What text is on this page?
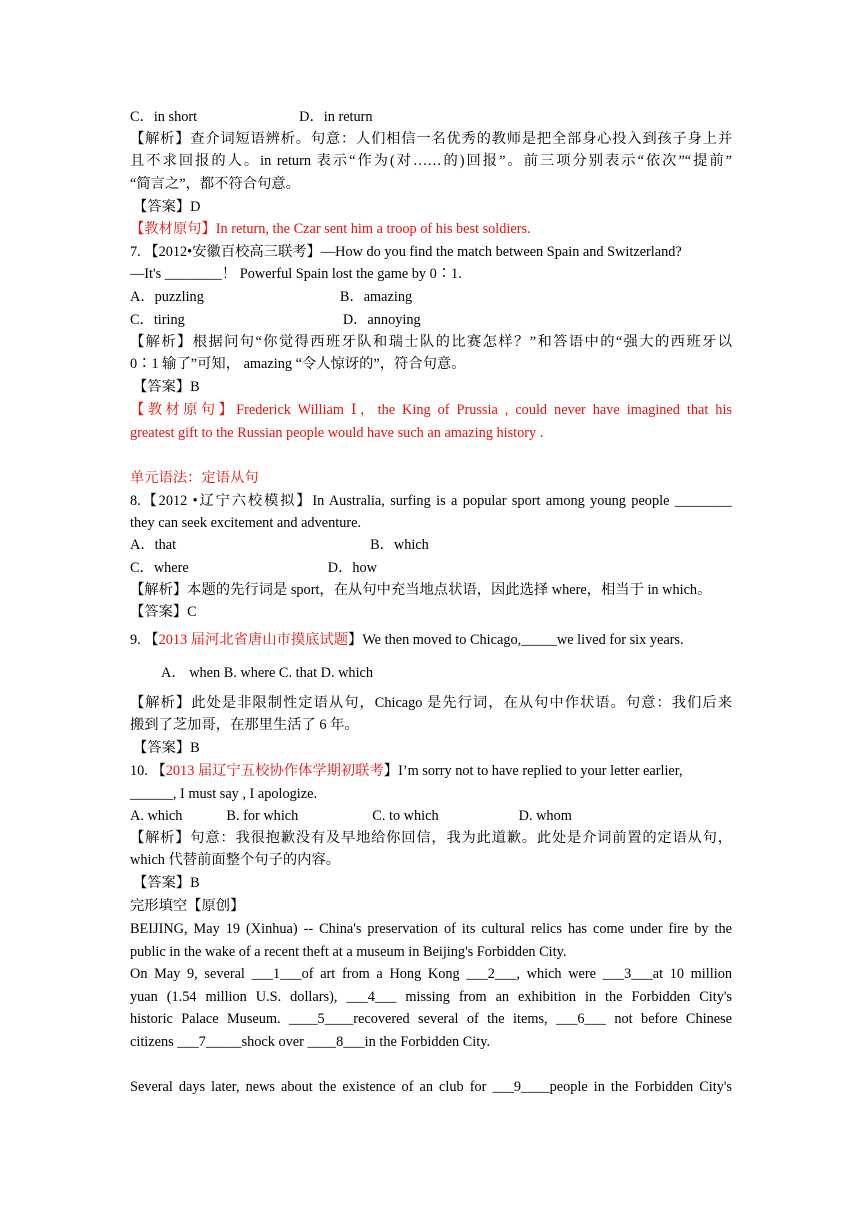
C．in short	D．in return
【解析】查介词短语辨析。句意：人们相信一名优秀的教师是把全部身心投入到孩子身上并
且不求回报的人。in return 表示“作为(对……的)回报”。前三项分别表示“依次”“提前”
“简言之”，都不符合句意。
【答案】D
【教材原句】In return, the Czar sent him a troop of his best soldiers.
7. 【2012•安徽百校高三联考】—How do you find the match between Spain and Switzerland?
—It's ________！ Powerful Spain lost the game by 0∶1.
A．puzzling	B．amazing
C．tiring	D．annoying
【解析】根据问句“你觉得西班牙队和瑞士队的比赛怎样？”和答语中的“强大的西班牙以
0∶1 输了”可知， amazing “令人惊讶的”，符合句意。
【答案】B
【教材原句】Frederick William Ⅰ，the King of Prussia , could never have imagined that his
greatest gift to the Russian people would have such an amazing history .
单元语法：定语从句
8.【2012 •辽宁六校模拟】In Australia, surfing is a popular sport among young people ________
they can seek excitement and adventure.
A．that	B．which
C．where	D．how
【解析】本题的先行词是 sport，在从句中充当地点状语，因此选择 where，相当于 in which。
【答案】C
9. 【2013 届河北省唐山市摸底试题】We then moved to Chicago,_____we lived for six years.
A． when B. where C. that D. which
【解析】此处是非限制性定语从句，Chicago 是先行词，在从句中作状语。句意：我们后来
搬到了芝加哥，在那里生活了 6 年。
【答案】B
10. 【2013 届辽宁五校协作体学期初联考】I’m sorry not to have replied to your letter earlier,
______, I must say , I apologize.
A. which	B. for which	C. to which	D. whom
【解析】句意：我很抱歉没有及早地给你回信，我为此道歉。此处是介词前置的定语从句，
which 代替前面整个句子的内容。
【答案】B
完形填空【原创】
BEIJING, May 19 (Xinhua) -- China's preservation of its cultural relics has come under fire by the
public in the wake of a recent theft at a museum in Beijing's Forbidden City.
On May 9, several ___1___of art from a Hong Kong ___2___, which were ___3___at 10 million
yuan (1.54 million U.S. dollars), ___4___ missing from an exhibition in the Forbidden City's
historic Palace Museum. ____5____recovered several of the items, ___6___ not before Chinese
citizens ___7_____shock over ____8___in the Forbidden City.
Several days later, news about the existence of an club for ___9____people in the Forbidden City's
